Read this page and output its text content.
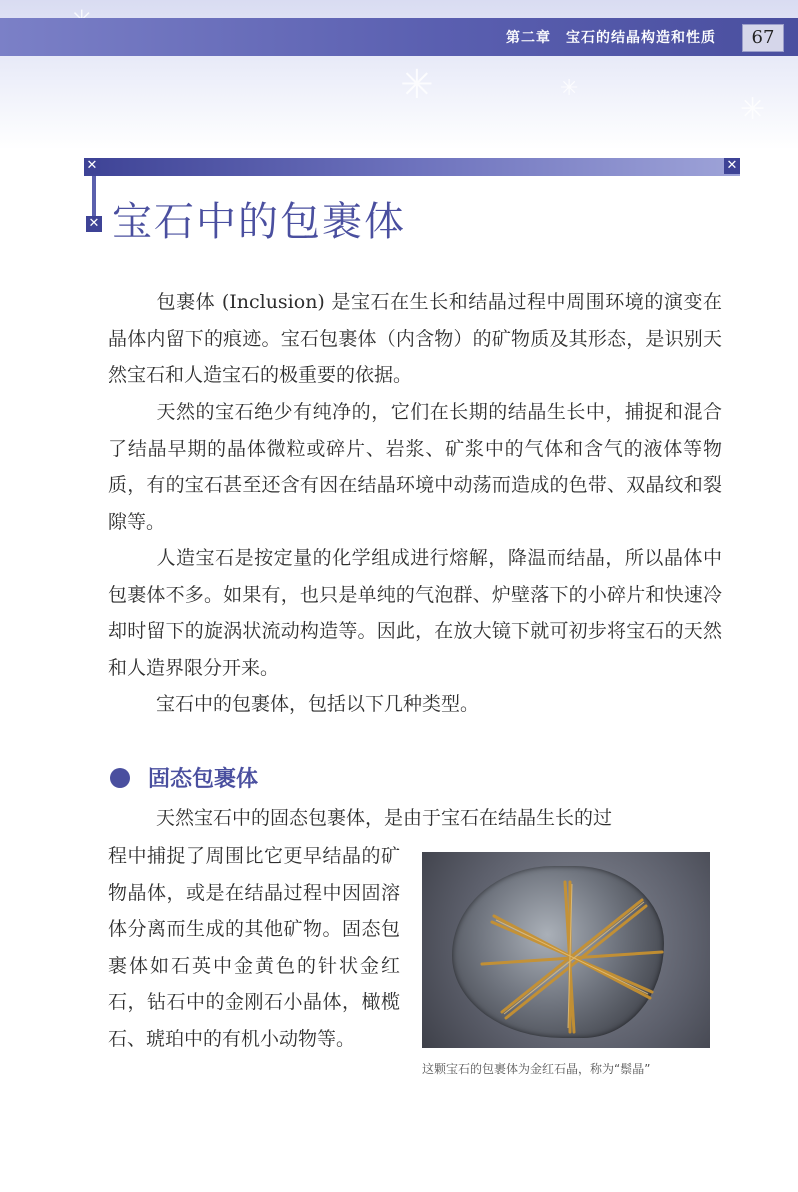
✳	✳
✳
第二章　宝石的结晶构造和性质	67
✕	✕
✕ 宝石中的包裹体

包裹体 (Inclusion) 是宝石在生长和结晶过程中周围环境的演变在晶体内留下的痕迹。宝石包裹体（内含物）的矿物质及其形态，是识别天然宝石和人造宝石的极重要的依据。

天然的宝石绝少有纯净的，它们在长期的结晶生长中，捕捉和混合了结晶早期的晶体微粒或碎片、岩浆、矿浆中的气体和含气的液体等物质，有的宝石甚至还含有因在结晶环境中动荡而造成的色带、双晶纹和裂隙等。

人造宝石是按定量的化学组成进行熔解，降温而结晶，所以晶体中包裹体不多。如果有，也只是单纯的气泡群、炉壁落下的小碎片和快速冷却时留下的旋涡状流动构造等。因此，在放大镜下就可初步将宝石的天然和人造界限分开来。

宝石中的包裹体，包括以下几种类型。

固态包裹体

天然宝石中的固态包裹体，是由于宝石在结晶生长的过

程中捕捉了周围比它更早结晶的矿物晶体，或是在结晶过程中因固溶体分离而生成的其他矿物。固态包裹体如石英中金黄色的针状金红石，钻石中的金刚石小晶体，橄榄石、琥珀中的有机小动物等。

这颗宝石的包裹体为金红石晶，称为“鬃晶”
